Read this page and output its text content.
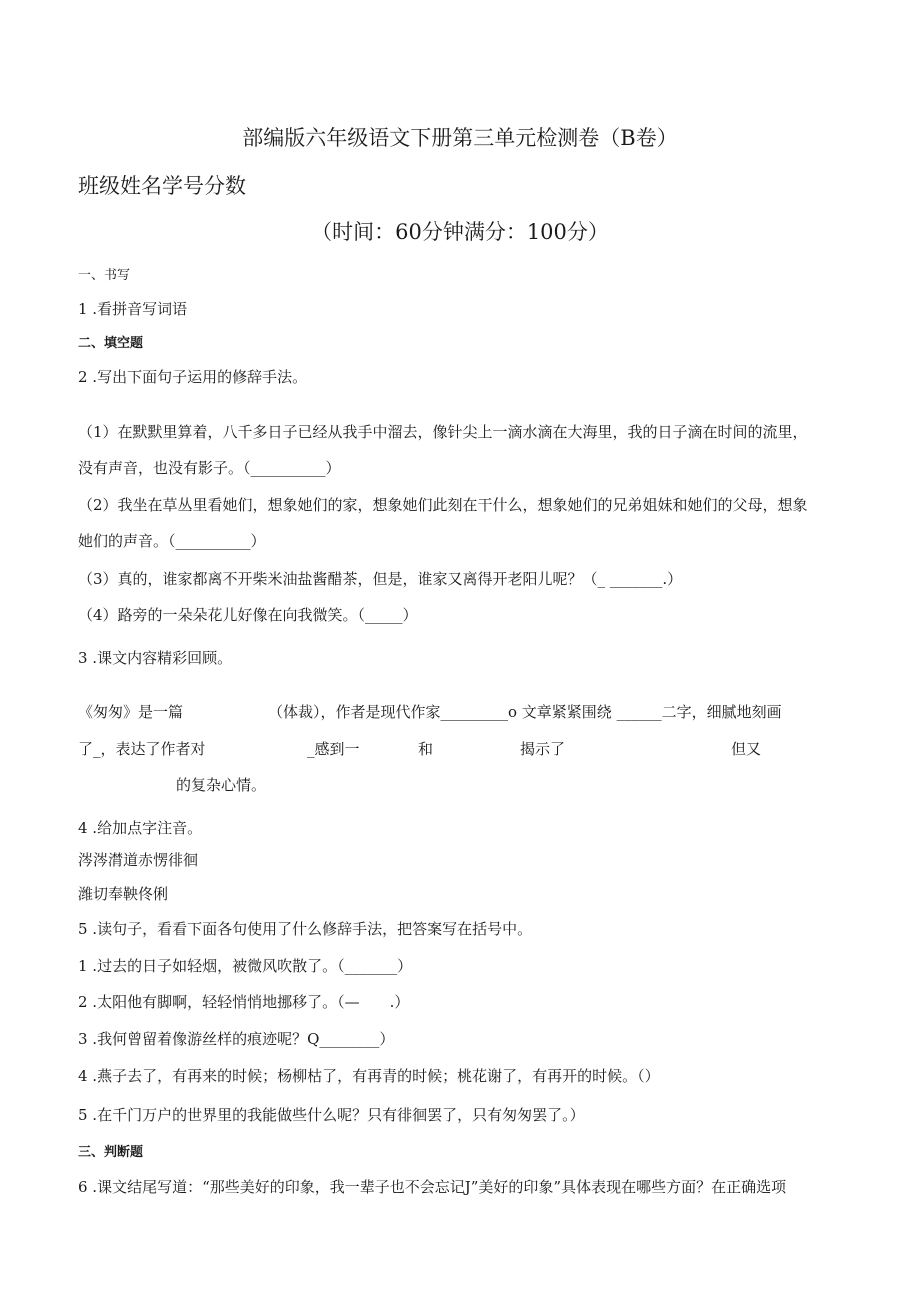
部编版六年级语文下册第三单元检测卷（B卷）
班级姓名学号分数
（时间：60分钟满分：100分）
一、书写
1 .看拼音写词语
二、填空题
2 .写出下面句子运用的修辞手法。
（1）在默默里算着，八千多日子已经从我手中溜去，像针尖上一滴水滴在大海里，我的日子滴在时间的流里，
没有声音，也没有影子。（__________）
（2）我坐在草丛里看她们，想象她们的家，想象她们此刻在干什么，想象她们的兄弟姐妹和她们的父母，想象
她们的声音。（__________）
（3）真的，谁家都离不开柴米油盐酱醋茶，但是，谁家又离得开老阳儿呢？（_ _______.）
（4）路旁的一朵朵花儿好像在向我微笑。（_____）
3 .课文内容精彩回顾。
《匆匆》是一篇	（体裁），作者是现代作家_________o 文章紧紧围绕 ______二字，细腻地刻画
了_，表达了作者对	_感到一	和	揭示了	但又
的复杂心情。
4 .给加点字注音。
涔涔潸道赤愣徘徊
潍切奉鞅佟俐
5 .读句子，看看下面各句使用了什么修辞手法，把答案写在括号中。
1 .过去的日子如轻烟，被微风吹散了。（_______）
2 .太阳他有脚啊，轻轻悄悄地挪移了。（—　　.）
3 .我何曾留着像游丝样的痕迹呢？Q________）
4 .燕子去了，有再来的时候；杨柳枯了，有再青的时候；桃花谢了，有再开的时候。（）
5 .在千门万户的世界里的我能做些什么呢？只有徘徊罢了，只有匆匆罢了。）
三、判断题
6 .课文结尾写道：“那些美好的印象，我一辈子也不会忘记J”美好的印象”具体表现在哪些方面？在正确选项
